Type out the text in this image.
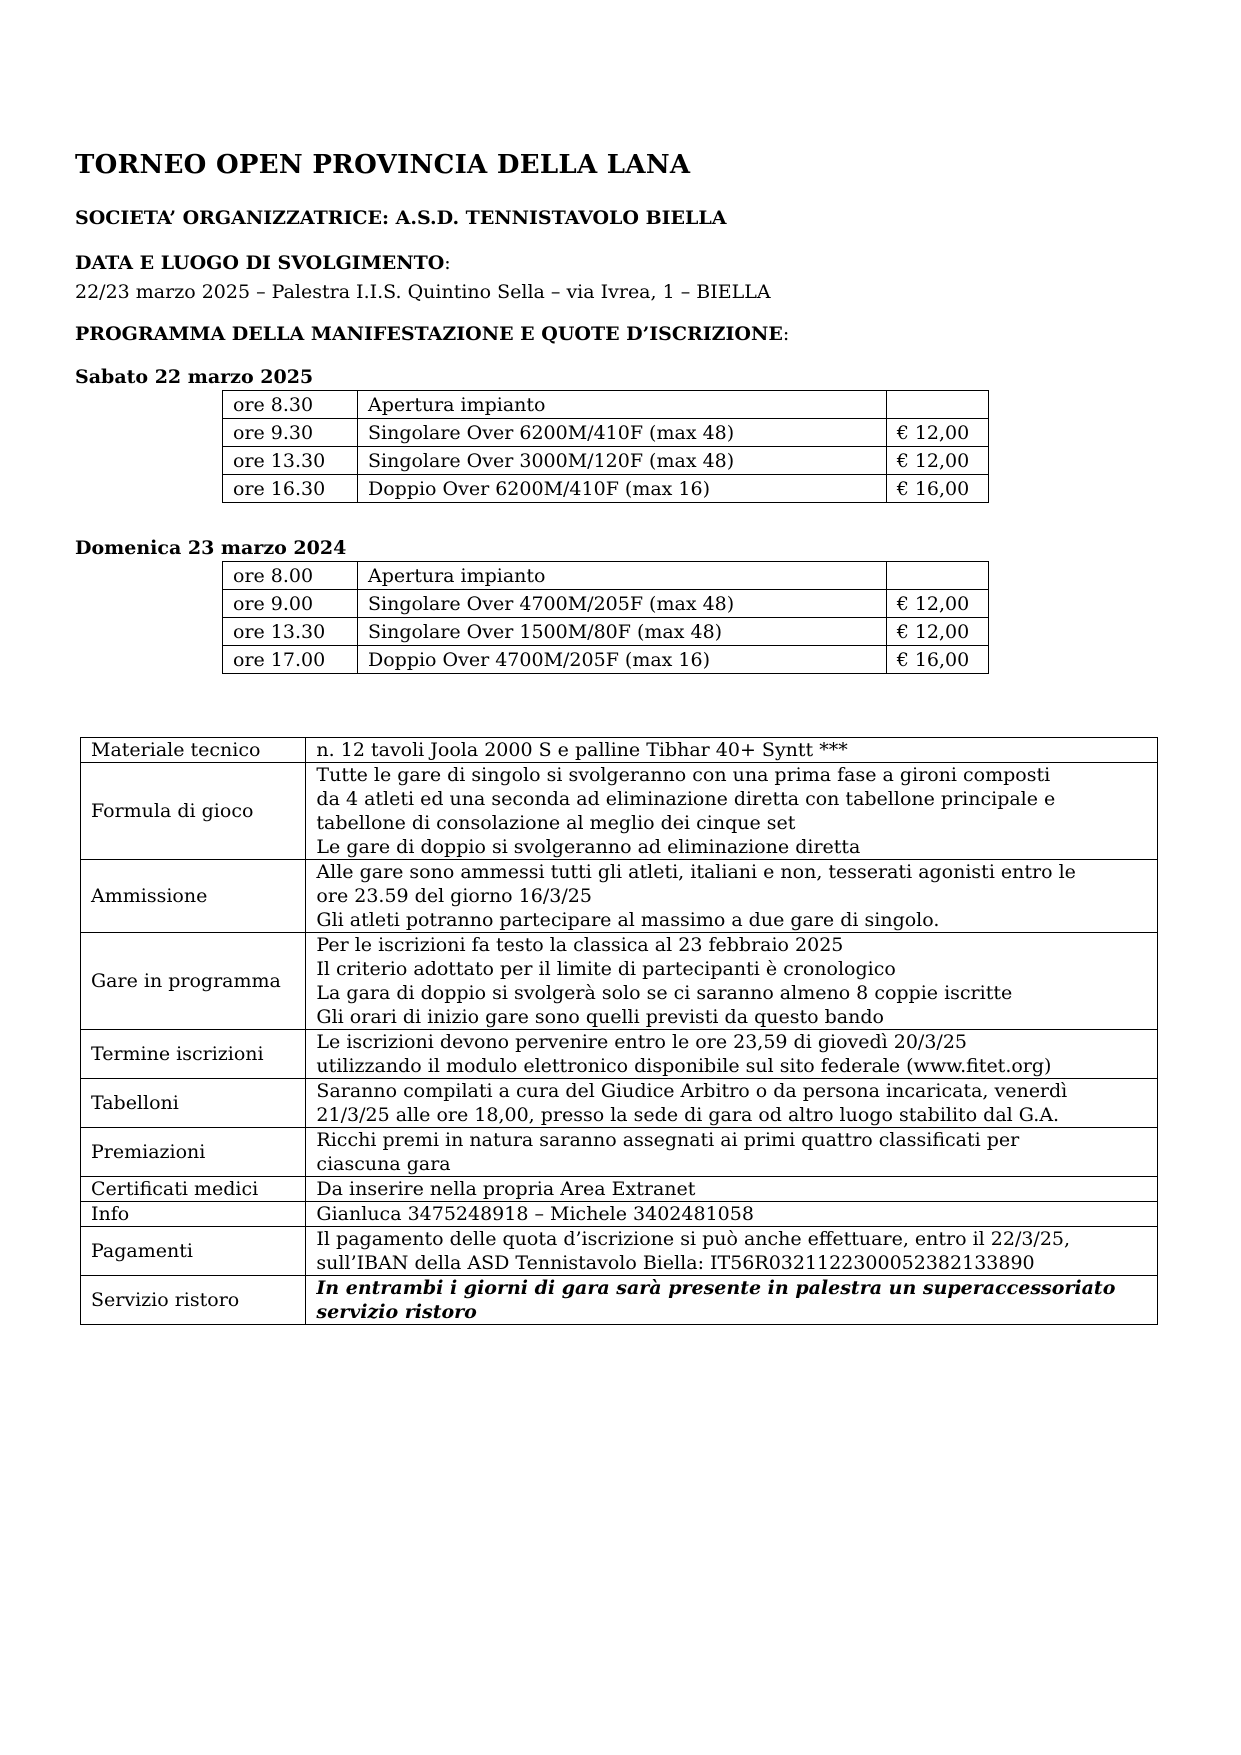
TORNEO OPEN PROVINCIA DELLA LANA
SOCIETA’ ORGANIZZATRICE: A.S.D. TENNISTAVOLO BIELLA
DATA E LUOGO DI SVOLGIMENTO:
22/23 marzo 2025 – Palestra I.I.S. Quintino Sella – via Ivrea, 1 – BIELLA
PROGRAMMA DELLA MANIFESTAZIONE E QUOTE D’ISCRIZIONE:
Sabato 22 marzo 2025
ore 8.30	Apertura impianto	
ore 9.30	Singolare Over 6200M/410F (max 48)	€ 12,00
ore 13.30	Singolare Over 3000M/120F (max 48)	€ 12,00
ore 16.30	Doppio Over 6200M/410F (max 16)	€ 16,00
Domenica 23 marzo 2024
ore 8.00	Apertura impianto	
ore 9.00	Singolare Over 4700M/205F (max 48)	€ 12,00
ore 13.30	Singolare Over 1500M/80F (max 48)	€ 12,00
ore 17.00	Doppio Over 4700M/205F (max 16)	€ 16,00
Materiale tecnico	n. 12 tavoli Joola 2000 S e palline Tibhar 40+ Syntt ***

Formula di gioco	Tutte le gare di singolo si svolgeranno con una prima fase a gironi composti
da 4 atleti ed una seconda ad eliminazione diretta con tabellone principale e
tabellone di consolazione al meglio dei cinque set
Le gare di doppio si svolgeranno ad eliminazione diretta

Ammissione	Alle gare sono ammessi tutti gli atleti, italiani e non, tesserati agonisti entro le
ore 23.59 del giorno 16/3/25
Gli atleti potranno partecipare al massimo a due gare di singolo.

Gare in programma	Per le iscrizioni fa testo la classica al 23 febbraio 2025
Il criterio adottato per il limite di partecipanti è cronologico
La gara di doppio si svolgerà solo se ci saranno almeno 8 coppie iscritte
Gli orari di inizio gare sono quelli previsti da questo bando

Termine iscrizioni	Le iscrizioni devono pervenire entro le ore 23,59 di giovedì 20/3/25
utilizzando il modulo elettronico disponibile sul sito federale (www.fitet.org)

Tabelloni	Saranno compilati a cura del Giudice Arbitro o da persona incaricata, venerdì
21/3/25 alle ore 18,00, presso la sede di gara od altro luogo stabilito dal G.A.

Premiazioni	Ricchi premi in natura saranno assegnati ai primi quattro classificati per
ciascuna gara

Certificati medici	Da inserire nella propria Area Extranet

Info	Gianluca 3475248918 – Michele 3402481058

Pagamenti	Il pagamento delle quota d’iscrizione si può anche effettuare, entro il 22/3/25,
sull’IBAN della ASD Tennistavolo Biella: IT56R0321122300052382133890

Servizio ristoro	In entrambi i giorni di gara sarà presente in palestra un superaccessoriato
servizio ristoro
